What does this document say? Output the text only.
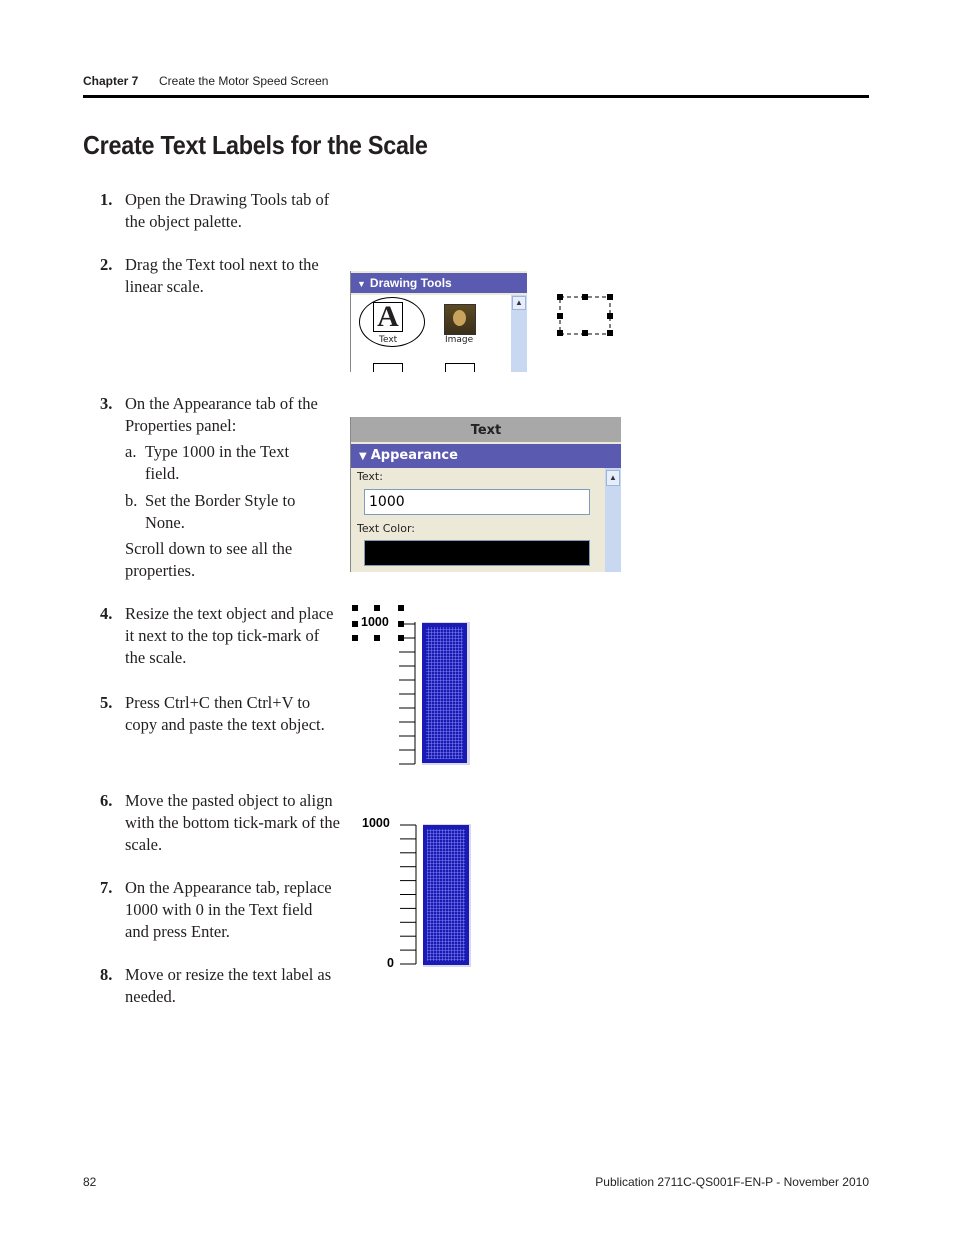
Chapter 7 Create the Motor Speed Screen
Create Text Labels for the Scale
1. Open the Drawing Tools tab of the object palette.
2. Drag the Text tool next to the linear scale.
3. On the Appearance tab of the Properties panel:
a. Type 1000 in the Text field.
b. Set the Border Style to None.
Scroll down to see all the properties.
4. Resize the text object and place it next to the top tick-mark of the scale.
5. Press Ctrl+C then Ctrl+V to copy and paste the text object.
6. Move the pasted object to align with the bottom tick-mark of the scale.
7. On the Appearance tab, replace 1000 with 0 in the Text field and press Enter.
8. Move or resize the text label as needed.
▼ Drawing Tools
▲
A
Text	Image
Text
▼ Appearance
▲
Text:
1000
Text Color:
1000
1000
0
82	Publication 2711C-QS001F-EN-P - November 2010
